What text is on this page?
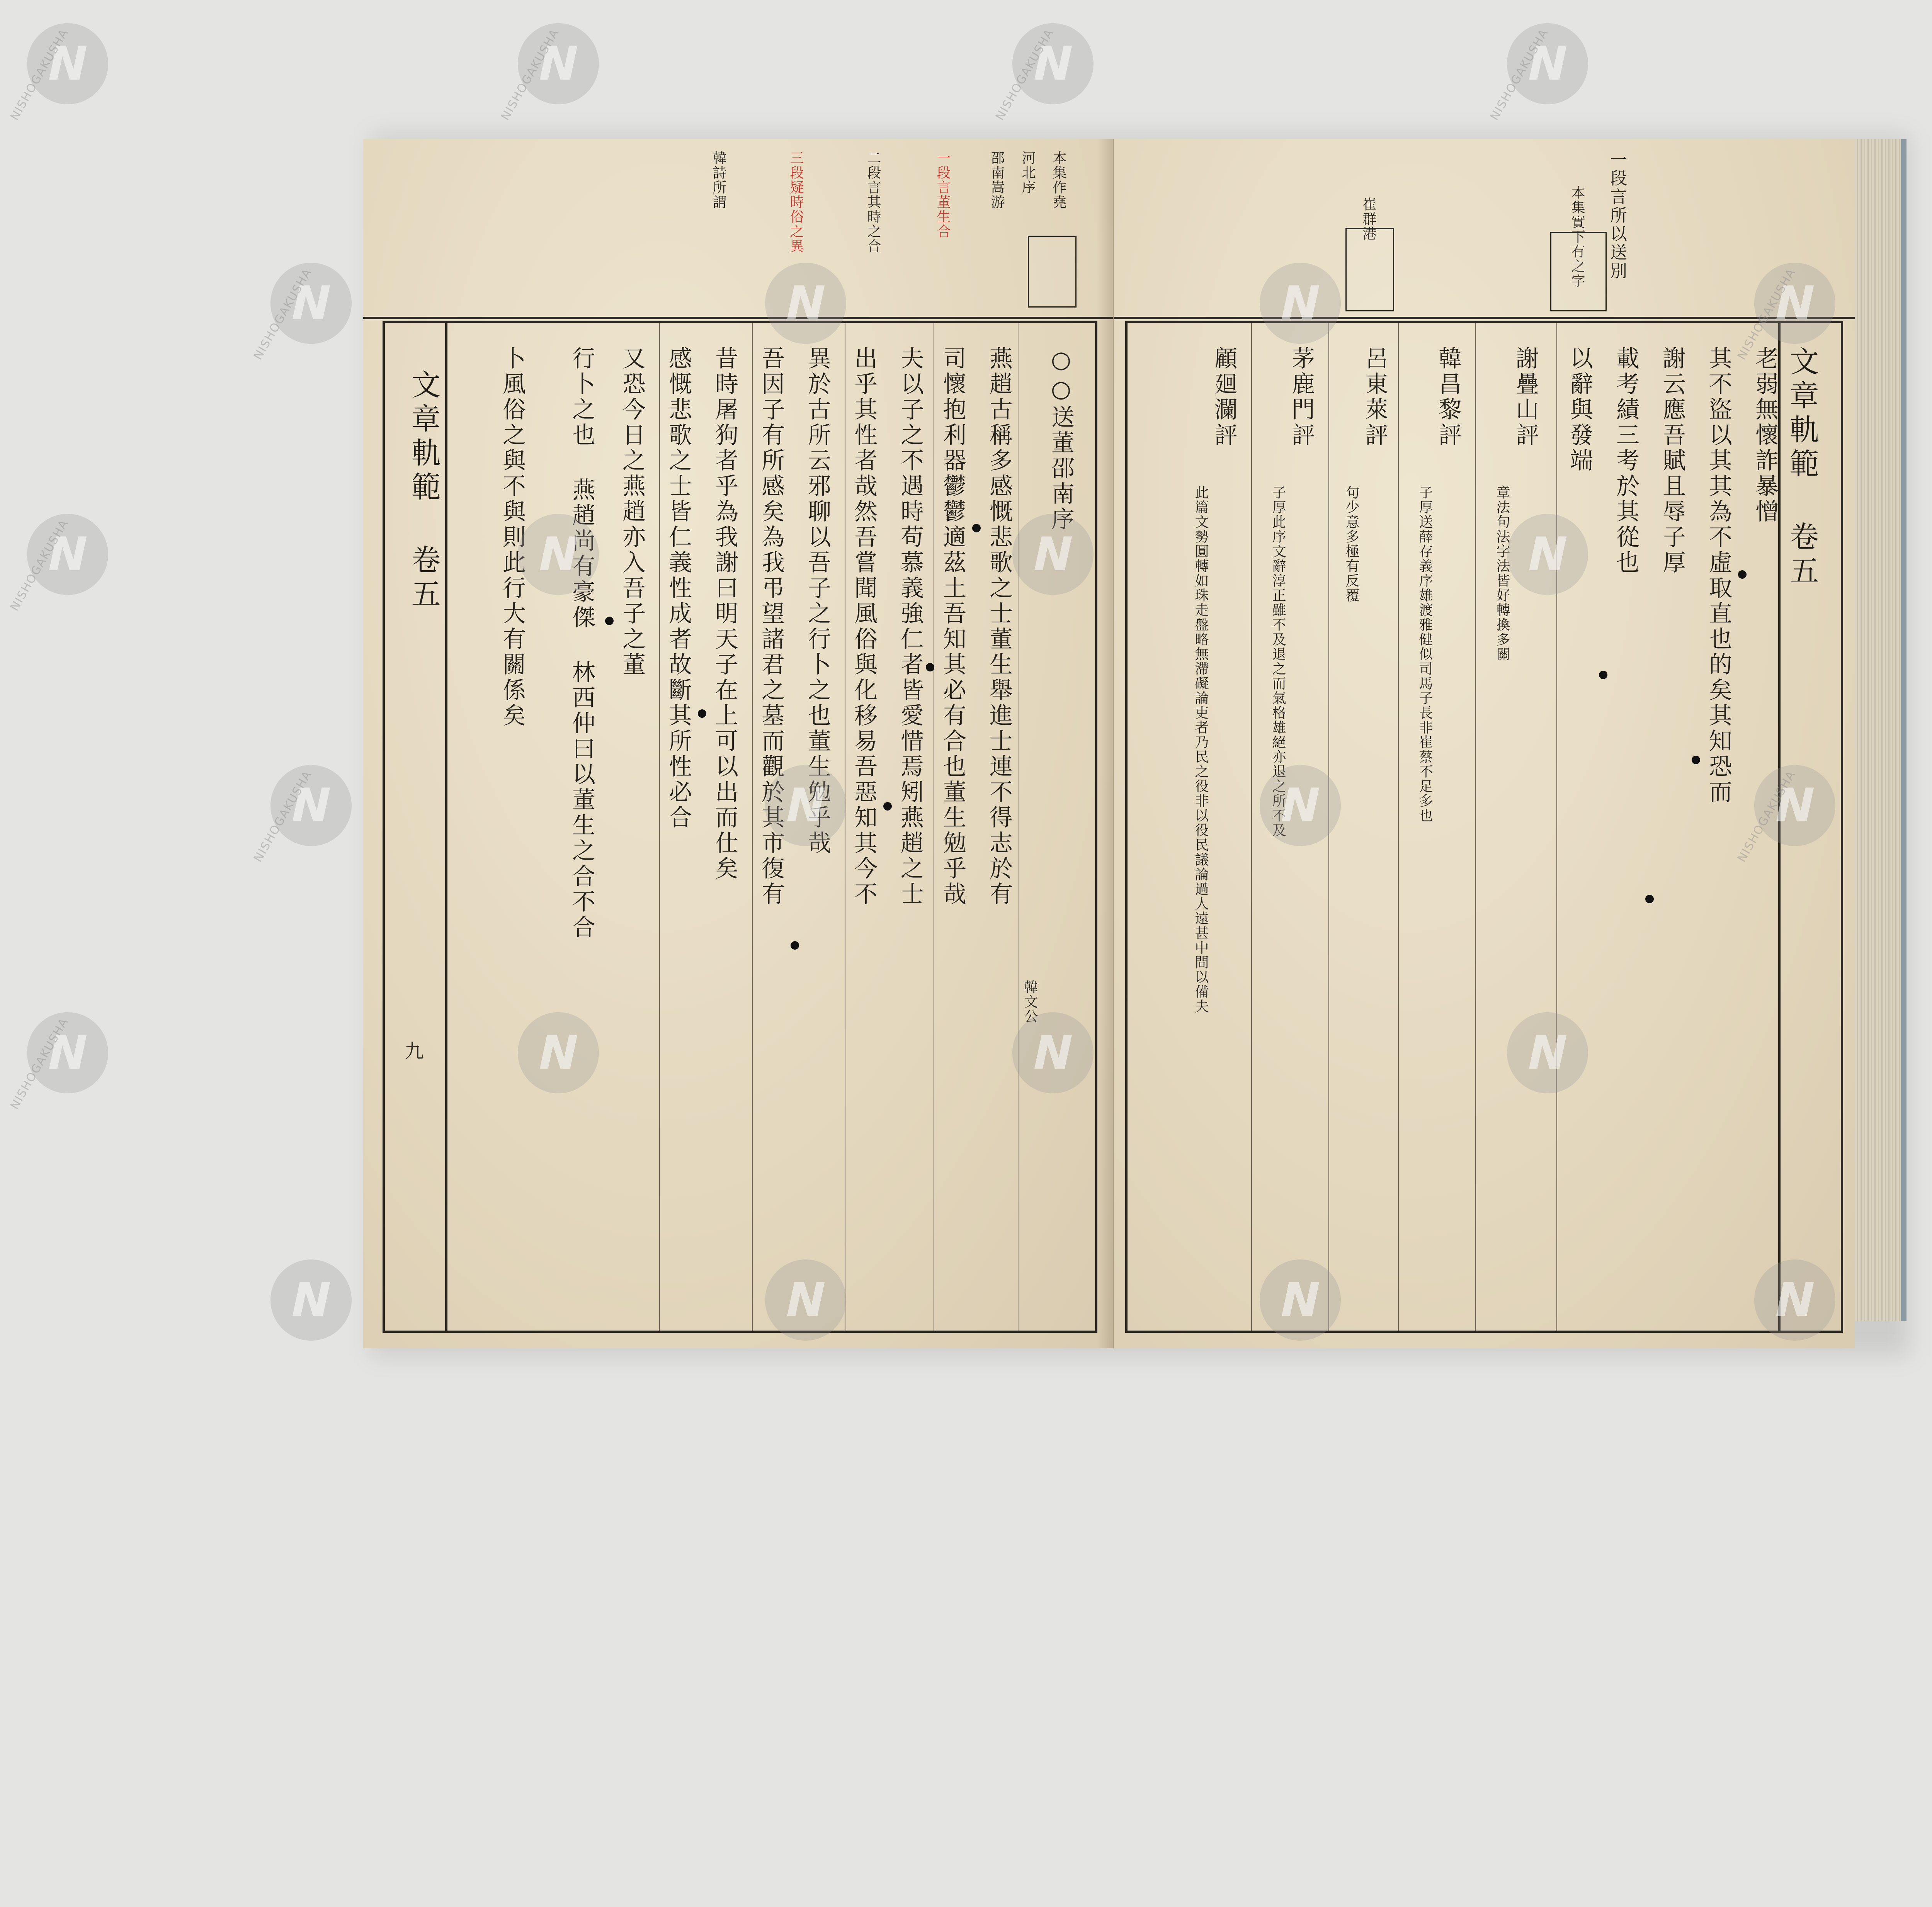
本集作堯
河北序
邵南嵩游
一段言董生合
二段言其時之合
三段疑時俗之異
韓詩所謂
文章軌範 卷五
九
○○送董邵南序
韓文公
燕趙古稱多感慨悲歌之士董生舉進士連不得志於有
司懷抱利器鬱鬱適茲土吾知其必有合也董生勉乎哉
夫以子之不遇時苟慕義強仁者皆愛惜焉矧燕趙之士
出乎其性者哉然吾嘗聞風俗與化移易吾惡知其今不
異於古所云邪聊以吾子之行卜之也董生勉乎哉
吾因子有所感矣為我弔望諸君之墓而觀於其市復有
昔時屠狗者乎為我謝曰明天子在上可以出而仕矣
感慨悲歌之士皆仁義性成者故斷其所性必合
又恐今日之燕趙亦入吾子之董
行卜之也 燕趙尚有豪傑 林西仲曰以董生之合不合
卜風俗之與不與則此行大有關係矣
本集實下有之字
崔群港	一段言所以送別
文章軌範 卷五
老弱無懷詐暴憎
其不盜以其其為不虛取直也的矣其知恐而
謝云應吾賦且辱子厚
載考績三考於其從也
以辭與發端
謝疊山評
章法句法字法皆好轉換多關
韓昌黎評
子厚送薛存義序雄渡雅健似司馬子長非崔蔡不足多也
呂東萊評
句少意多極有反覆
茅鹿門評
子厚此序文辭淳正雖不及退之而氣格雄絕亦退之所不及
顧廻瀾評
此篇文勢圓轉如珠走盤略無滯礙論吏者乃民之役非以役民議論過人遠甚中間以備夫
N
N
N
N
N
N
N
N
N
N
N
N
N
N
N
N
N
N
N
N
N
N
N
N
NISHOGAKUSHA	NISHOGAKUSHA	NISHOGAKUSHA	NISHOGAKUSHA
NISHOGAKUSHA	NISHOGAKUSHA
NISHOGAKUSHA
NISHOGAKUSHA	NISHOGAKUSHA
NISHOGAKUSHA
